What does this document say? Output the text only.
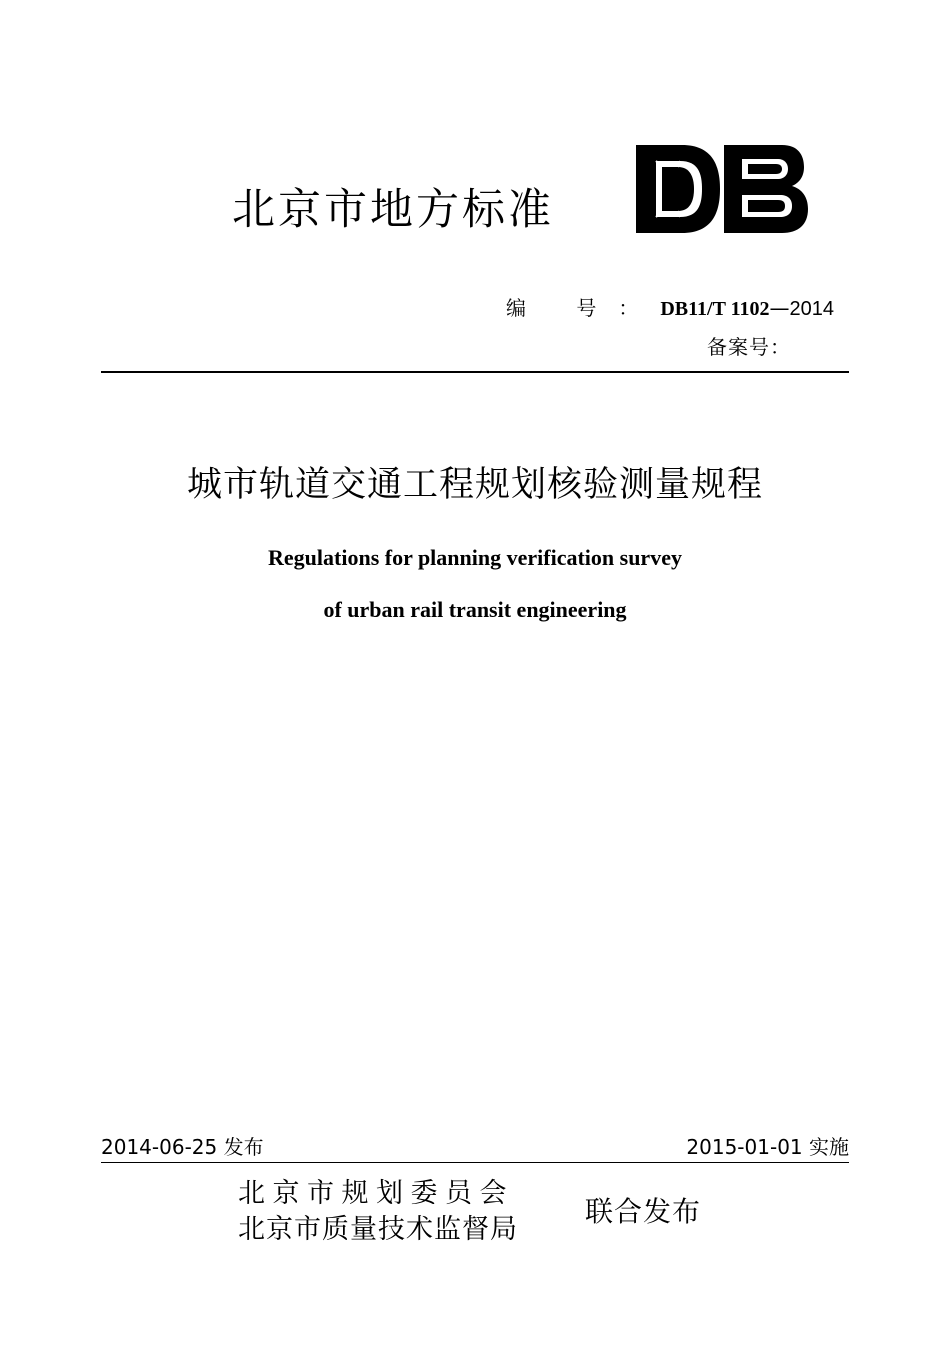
北京市地方标准
编 号：DB11/T 1102—2014
备案号：
城市轨道交通工程规划核验测量规程
Regulations for planning verification survey
of urban rail transit engineering
2014-06-25 发布	2015-01-01 实施
北京市规划委员会
北京市质量技术监督局
联合发布
